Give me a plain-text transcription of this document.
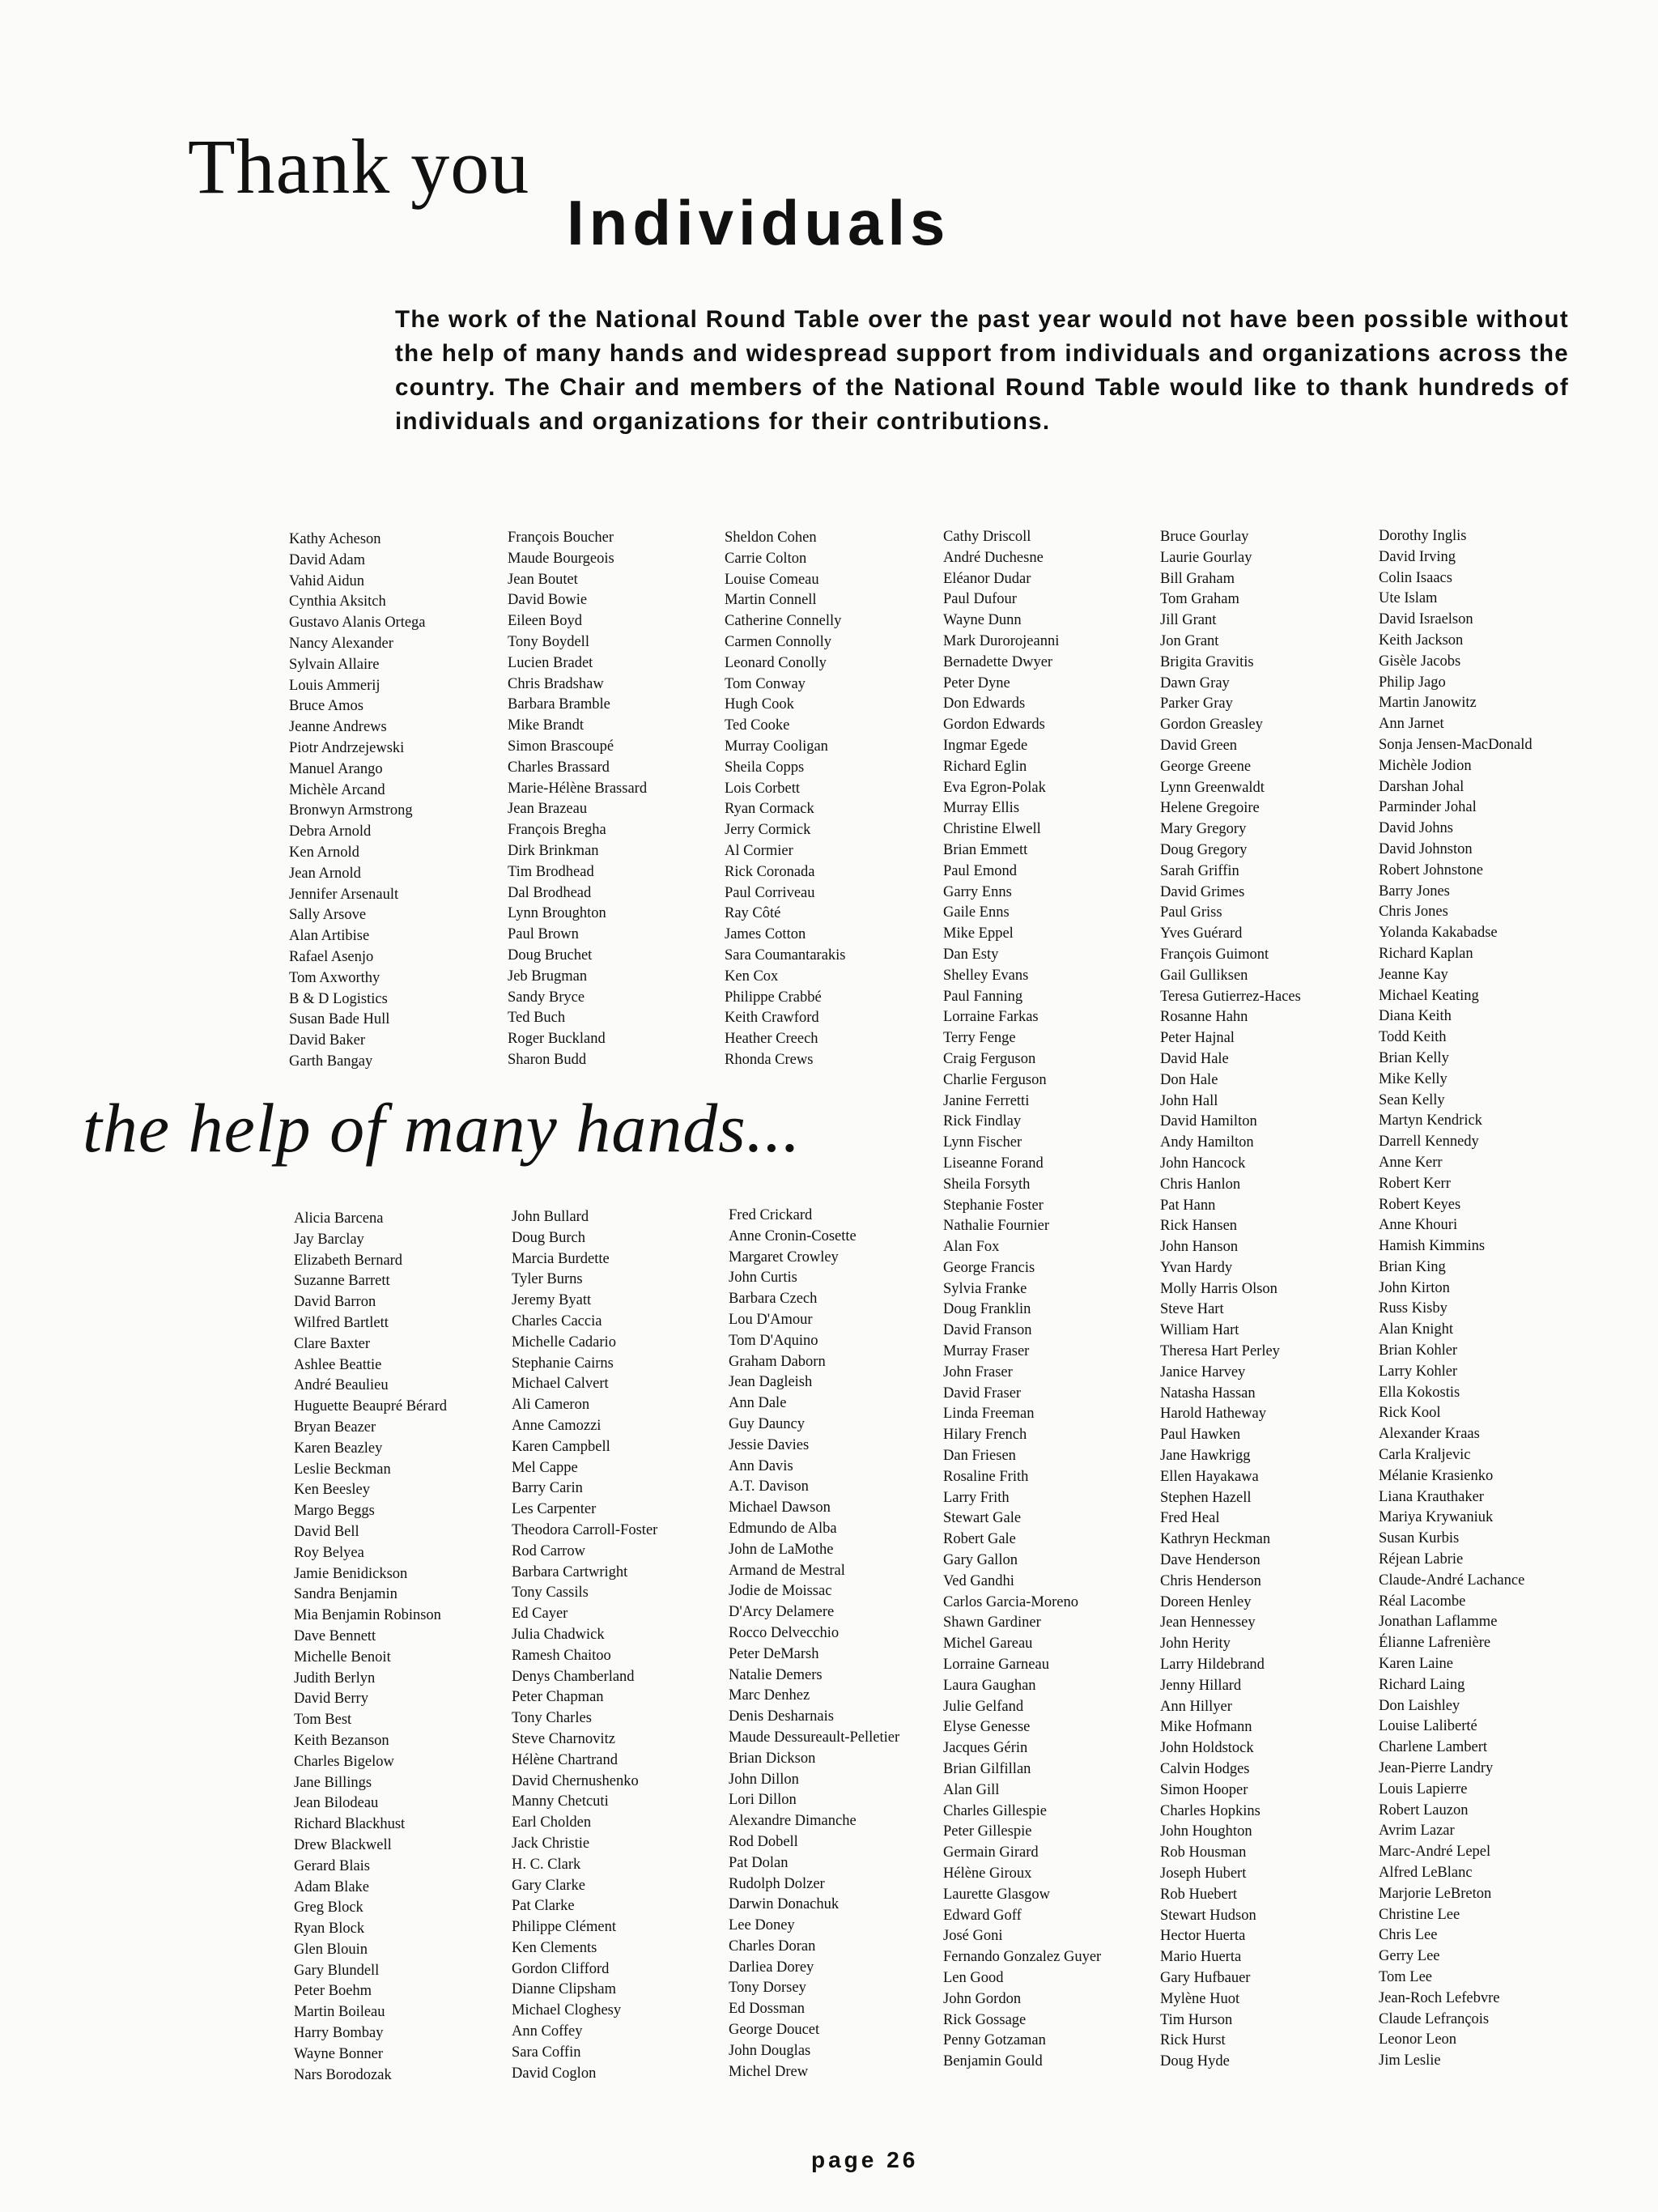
Thank you
Individuals

The work of the National Round Table over the past year would not have been possible without the help of many hands and widespread support from individuals and organizations across the country. The Chair and members of the National Round Table would like to thank hundreds of individuals and organizations for their contributions.

the help of many hands...
Kathy Acheson
David Adam
Vahid Aidun
Cynthia Aksitch
Gustavo Alanis Ortega
Nancy Alexander
Sylvain Allaire
Louis Ammerij
Bruce Amos
Jeanne Andrews
Piotr Andrzejewski
Manuel Arango
Michèle Arcand
Bronwyn Armstrong
Debra Arnold
Ken Arnold
Jean Arnold
Jennifer Arsenault
Sally Arsove
Alan Artibise
Rafael Asenjo
Tom Axworthy
B & D Logistics
Susan Bade Hull
David Baker
Garth Bangay
François Boucher
Maude Bourgeois
Jean Boutet
David Bowie
Eileen Boyd
Tony Boydell
Lucien Bradet
Chris Bradshaw
Barbara Bramble
Mike Brandt
Simon Brascoupé
Charles Brassard
Marie-Hélène Brassard
Jean Brazeau
François Bregha
Dirk Brinkman
Tim Brodhead
Dal Brodhead
Lynn Broughton
Paul Brown
Doug Bruchet
Jeb Brugman
Sandy Bryce
Ted Buch
Roger Buckland
Sharon Budd
Sheldon Cohen
Carrie Colton
Louise Comeau
Martin Connell
Catherine Connelly
Carmen Connolly
Leonard Conolly
Tom Conway
Hugh Cook
Ted Cooke
Murray Cooligan
Sheila Copps
Lois Corbett
Ryan Cormack
Jerry Cormick
Al Cormier
Rick Coronada
Paul Corriveau
Ray Côté
James Cotton
Sara Coumantarakis
Ken Cox
Philippe Crabbé
Keith Crawford
Heather Creech
Rhonda Crews
Alicia Barcena
Jay Barclay
Elizabeth Bernard
Suzanne Barrett
David Barron
Wilfred Bartlett
Clare Baxter
Ashlee Beattie
André Beaulieu
Huguette Beaupré Bérard
Bryan Beazer
Karen Beazley
Leslie Beckman
Ken Beesley
Margo Beggs
David Bell
Roy Belyea
Jamie Benidickson
Sandra Benjamin
Mia Benjamin Robinson
Dave Bennett
Michelle Benoit
Judith Berlyn
David Berry
Tom Best
Keith Bezanson
Charles Bigelow
Jane Billings
Jean Bilodeau
Richard Blackhust
Drew Blackwell
Gerard Blais
Adam Blake
Greg Block
Ryan Block
Glen Blouin
Gary Blundell
Peter Boehm
Martin Boileau
Harry Bombay
Wayne Bonner
Nars Borodozak
John Bullard
Doug Burch
Marcia Burdette
Tyler Burns
Jeremy Byatt
Charles Caccia
Michelle Cadario
Stephanie Cairns
Michael Calvert
Ali Cameron
Anne Camozzi
Karen Campbell
Mel Cappe
Barry Carin
Les Carpenter
Theodora Carroll-Foster
Rod Carrow
Barbara Cartwright
Tony Cassils
Ed Cayer
Julia Chadwick
Ramesh Chaitoo
Denys Chamberland
Peter Chapman
Tony Charles
Steve Charnovitz
Hélène Chartrand
David Chernushenko
Manny Chetcuti
Earl Cholden
Jack Christie
H. C. Clark
Gary Clarke
Pat Clarke
Philippe Clément
Ken Clements
Gordon Clifford
Dianne Clipsham
Michael Cloghesy
Ann Coffey
Sara Coffin
David Coglon
Fred Crickard
Anne Cronin-Cosette
Margaret Crowley
John Curtis
Barbara Czech
Lou D'Amour
Tom D'Aquino
Graham Daborn
Jean Dagleish
Ann Dale
Guy Dauncy
Jessie Davies
Ann Davis
A.T. Davison
Michael Dawson
Edmundo de Alba
John de LaMothe
Armand de Mestral
Jodie de Moissac
D'Arcy Delamere
Rocco Delvecchio
Peter DeMarsh
Natalie Demers
Marc Denhez
Denis Desharnais
Maude Dessureault-Pelletier
Brian Dickson
John Dillon
Lori Dillon
Alexandre Dimanche
Rod Dobell
Pat Dolan
Rudolph Dolzer
Darwin Donachuk
Lee Doney
Charles Doran
Darliea Dorey
Tony Dorsey
Ed Dossman
George Doucet
John Douglas
Michel Drew
Cathy Driscoll
André Duchesne
Eléanor Dudar
Paul Dufour
Wayne Dunn
Mark Durorojeanni
Bernadette Dwyer
Peter Dyne
Don Edwards
Gordon Edwards
Ingmar Egede
Richard Eglin
Eva Egron-Polak
Murray Ellis
Christine Elwell
Brian Emmett
Paul Emond
Garry Enns
Gaile Enns
Mike Eppel
Dan Esty
Shelley Evans
Paul Fanning
Lorraine Farkas
Terry Fenge
Craig Ferguson
Charlie Ferguson
Janine Ferretti
Rick Findlay
Lynn Fischer
Liseanne Forand
Sheila Forsyth
Stephanie Foster
Nathalie Fournier
Alan Fox
George Francis
Sylvia Franke
Doug Franklin
David Franson
Murray Fraser
John Fraser
David Fraser
Linda Freeman
Hilary French
Dan Friesen
Rosaline Frith
Larry Frith
Stewart Gale
Robert Gale
Gary Gallon
Ved Gandhi
Carlos Garcia-Moreno
Shawn Gardiner
Michel Gareau
Lorraine Garneau
Laura Gaughan
Julie Gelfand
Elyse Genesse
Jacques Gérin
Brian Gilfillan
Alan Gill
Charles Gillespie
Peter Gillespie
Germain Girard
Hélène Giroux
Laurette Glasgow
Edward Goff
José Goni
Fernando Gonzalez Guyer
Len Good
John Gordon
Rick Gossage
Penny Gotzaman
Benjamin Gould
Bruce Gourlay
Laurie Gourlay
Bill Graham
Tom Graham
Jill Grant
Jon Grant
Brigita Gravitis
Dawn Gray
Parker Gray
Gordon Greasley
David Green
George Greene
Lynn Greenwaldt
Helene Gregoire
Mary Gregory
Doug Gregory
Sarah Griffin
David Grimes
Paul Griss
Yves Guérard
François Guimont
Gail Gulliksen
Teresa Gutierrez-Haces
Rosanne Hahn
Peter Hajnal
David Hale
Don Hale
John Hall
David Hamilton
Andy Hamilton
John Hancock
Chris Hanlon
Pat Hann
Rick Hansen
John Hanson
Yvan Hardy
Molly Harris Olson
Steve Hart
William Hart
Theresa Hart Perley
Janice Harvey
Natasha Hassan
Harold Hatheway
Paul Hawken
Jane Hawkrigg
Ellen Hayakawa
Stephen Hazell
Fred Heal
Kathryn Heckman
Dave Henderson
Chris Henderson
Doreen Henley
Jean Hennessey
John Herity
Larry Hildebrand
Jenny Hillard
Ann Hillyer
Mike Hofmann
John Holdstock
Calvin Hodges
Simon Hooper
Charles Hopkins
John Houghton
Rob Housman
Joseph Hubert
Rob Huebert
Stewart Hudson
Hector Huerta
Mario Huerta
Gary Hufbauer
Mylène Huot
Tim Hurson
Rick Hurst
Doug Hyde
Dorothy Inglis
David Irving
Colin Isaacs
Ute Islam
David Israelson
Keith Jackson
Gisèle Jacobs
Philip Jago
Martin Janowitz
Ann Jarnet
Sonja Jensen-MacDonald
Michèle Jodion
Darshan Johal
Parminder Johal
David Johns
David Johnston
Robert Johnstone
Barry Jones
Chris Jones
Yolanda Kakabadse
Richard Kaplan
Jeanne Kay
Michael Keating
Diana Keith
Todd Keith
Brian Kelly
Mike Kelly
Sean Kelly
Martyn Kendrick
Darrell Kennedy
Anne Kerr
Robert Kerr
Robert Keyes
Anne Khouri
Hamish Kimmins
Brian King
John Kirton
Russ Kisby
Alan Knight
Brian Kohler
Larry Kohler
Ella Kokostis
Rick Kool
Alexander Kraas
Carla Kraljevic
Mélanie Krasienko
Liana Krauthaker
Mariya Krywaniuk
Susan Kurbis
Réjean Labrie
Claude-André Lachance
Réal Lacombe
Jonathan Laflamme
Élianne Lafrenière
Karen Laine
Richard Laing
Don Laishley
Louise Laliberté
Charlene Lambert
Jean-Pierre Landry
Louis Lapierre
Robert Lauzon
Avrim Lazar
Marc-André Lepel
Alfred LeBlanc
Marjorie LeBreton
Christine Lee
Chris Lee
Gerry Lee
Tom Lee
Jean-Roch Lefebvre
Claude Lefrançois
Leonor Leon
Jim Leslie
page 26
